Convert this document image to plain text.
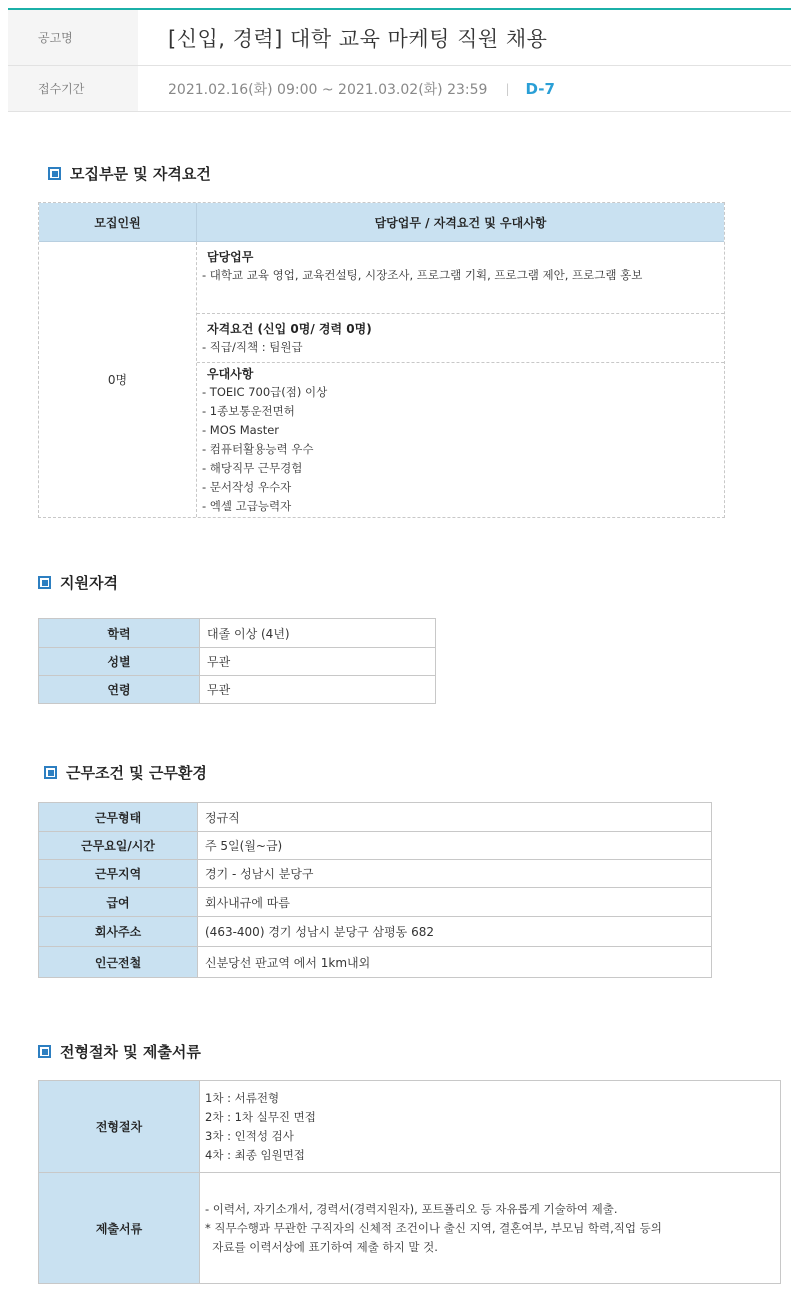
공고명	[신입, 경력] 대학 교육 마케팅 직원 채용
접수기간	2021.02.16(화) 09:00 ~ 2021.03.02(화) 23:59 | D-7
모집부문 및 자격요건
모집인원	담당업무 / 자격요건 및 우대사항
0명
담당업무
- 대학교 교육 영업, 교육컨설팅, 시장조사, 프로그램 기획, 프로그램 제안, 프로그램 홍보
자격요건 (신입 0명/ 경력 0명)
- 직급/직책 : 팀원급
우대사항
- TOEIC 700급(점) 이상
- 1종보통운전면허
- MOS Master
- 컴퓨터활용능력 우수
- 해당직무 근무경험
- 문서작성 우수자
- 엑셀 고급능력자
지원자격
학력	대졸 이상 (4년)
성별	무관
연령	무관
근무조건 및 근무환경
근무형태	정규직
근무요일/시간	주 5일(월~금)
근무지역	경기 - 성남시 분당구
급여	회사내규에 따름
회사주소	(463-400) 경기 성남시 분당구 삼평동 682
인근전철	신분당선 판교역 에서 1km내외
전형절차 및 제출서류
전형절차	1차 : 서류전형
2차 : 1차 실무진 면접
3차 : 인적성 검사
4차 : 최종 임원면접

제출서류	- 이력서, 자기소개서, 경력서(경력지원자), 포트폴리오 등 자유롭게 기술하여 제출.
* 직무수행과 무관한 구직자의 신체적 조건이나 출신 지역, 결혼여부, 부모님 학력,직업 등의
자료를 이력서상에 표기하여 제출 하지 말 것.
